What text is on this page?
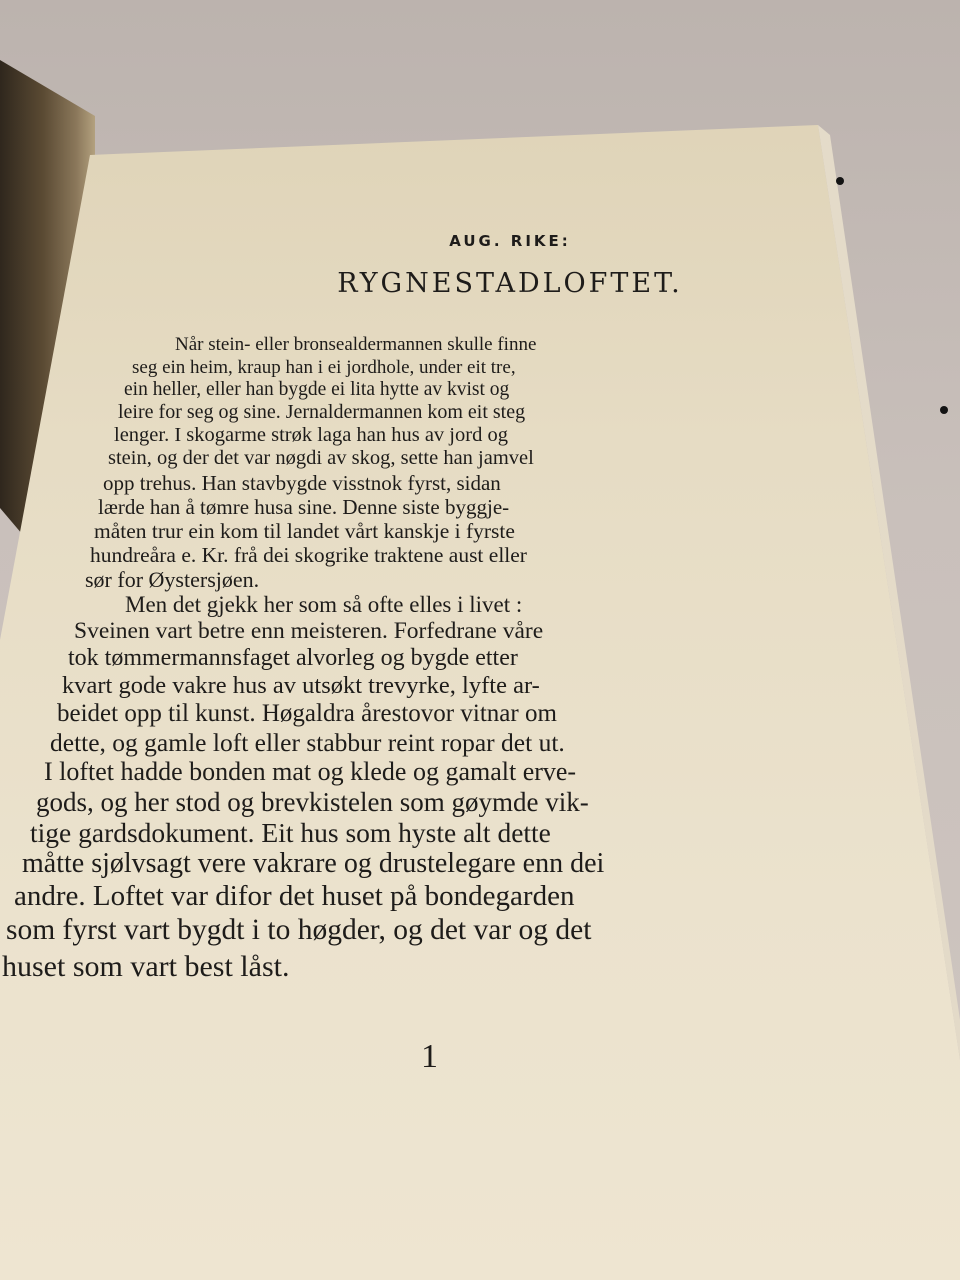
AUG. RIKE:
RYGNESTADLOFTET.
Når stein- eller bronsealdermannen skulle finne
seg ein heim, kraup han i ei jordhole, under eit tre,
ein heller, eller han bygde ei lita hytte av kvist og
leire for seg og sine. Jernaldermannen kom eit steg
lenger. I skogarme strøk laga han hus av jord og
stein, og der det var nøgdi av skog, sette han jamvel
opp trehus. Han stavbygde visstnok fyrst, sidan
lærde han å tømre husa sine. Denne siste byggje-
måten trur ein kom til landet vårt kanskje i fyrste
hundreåra e. Kr. frå dei skogrike traktene aust eller
sør for Øystersjøen.
Men det gjekk her som så ofte elles i livet :
Sveinen vart betre enn meisteren. Forfedrane våre
tok tømmermannsfaget alvorleg og bygde etter
kvart gode vakre hus av utsøkt trevyrke, lyfte ar-
beidet opp til kunst. Høgaldra årestovor vitnar om
dette, og gamle loft eller stabbur reint ropar det ut.
I loftet hadde bonden mat og klede og gamalt erve-
gods, og her stod og brevkistelen som gøymde vik-
tige gardsdokument. Eit hus som hyste alt dette
måtte sjølvsagt vere vakrare og drustelegare enn dei
andre. Loftet var difor det huset på bondegarden
som fyrst vart bygdt i to høgder, og det var og det
huset som vart best låst.
1
